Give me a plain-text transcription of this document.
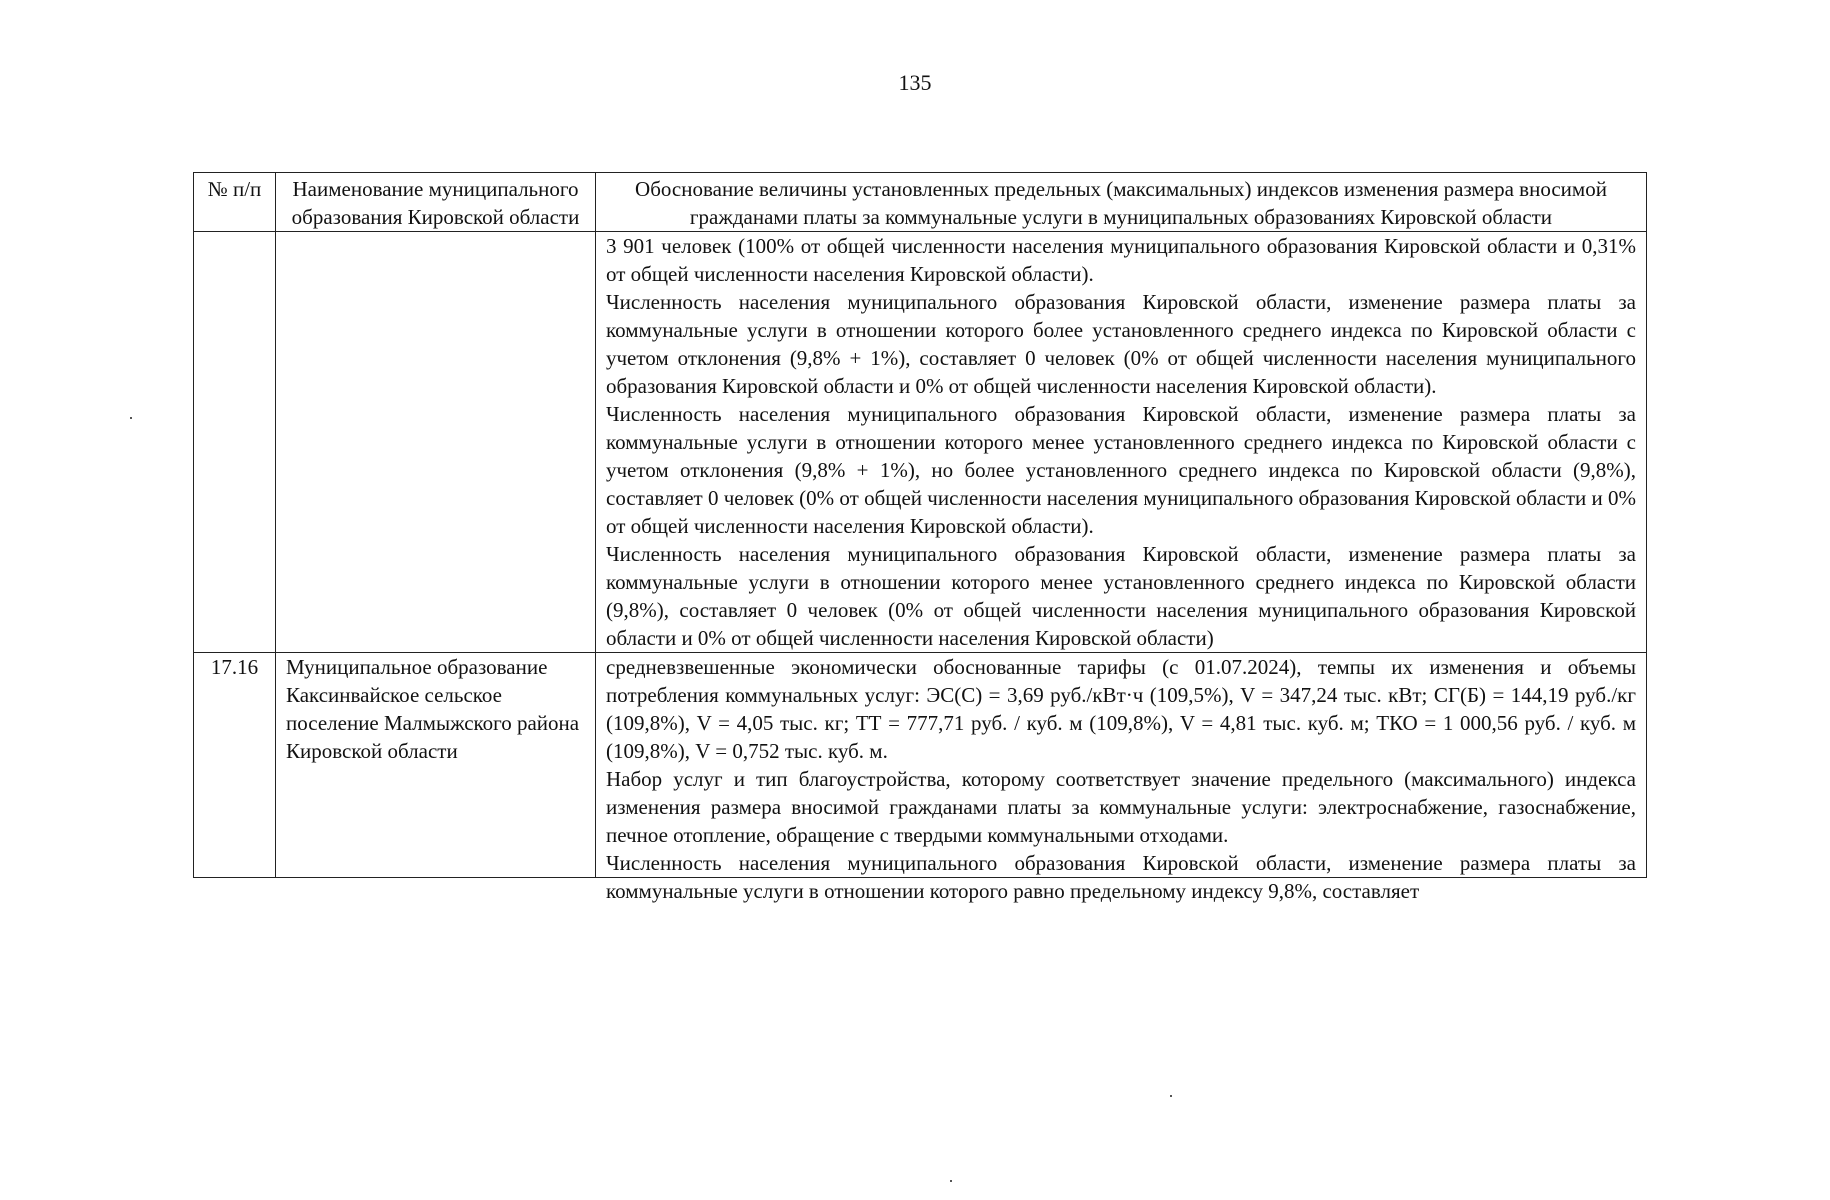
135
№ п/п	Наименование муниципального образования Кировской области	Обоснование величины установленных предельных (максимальных) индексов изменения размера вносимой гражданами платы за коммунальные услуги в муниципальных образованиях Кировской области

		3 901 человек (100% от общей численности населения муниципального образования Кировской области и 0,31% от общей численности населения Кировской области).

Численность населения муниципального образования Кировской области, изменение размера платы за коммунальные услуги в отношении которого более установленного среднего индекса по Кировской области с учетом отклонения (9,8% + 1%), составляет 0 человек (0% от общей численности населения муниципального образования Кировской области и 0% от общей численности населения Кировской области).

Численность населения муниципального образования Кировской области, изменение размера платы за коммунальные услуги в отношении которого менее установленного среднего индекса по Кировской области с учетом отклонения (9,8% + 1%), но более установленного среднего индекса по Кировской области (9,8%), составляет 0 человек (0% от общей численности населения муниципального образования Кировской области и 0% от общей численности населения Кировской области).

Численность населения муниципального образования Кировской области, изменение размера платы за коммунальные услуги в отношении которого менее установленного среднего индекса по Кировской области (9,8%), составляет 0 человек (0% от общей численности населения муниципального образования Кировской области и 0% от общей численности населения Кировской области)

17.16	Муниципальное образование Каксинвайское сельское поселение Малмыжского района Кировской области	средневзвешенные экономически обоснованные тарифы (с 01.07.2024), темпы их изменения и объемы потребления коммунальных услуг: ЭС(С) = 3,69 руб./кВт·ч (109,5%), V = 347,24 тыс. кВт; СГ(Б) = 144,19 руб./кг (109,8%), V = 4,05 тыс. кг; ТТ = 777,71 руб. / куб. м (109,8%), V = 4,81 тыс. куб. м; ТКО = 1 000,56 руб. / куб. м (109,8%), V = 0,752 тыс. куб. м.

Набор услуг и тип благоустройства, которому соответствует значение предельного (максимального) индекса изменения размера вносимой гражданами платы за коммунальные услуги: электроснабжение, газоснабжение, печное отопление, обращение с твердыми коммунальными отходами.

Численность населения муниципального образования Кировской области, изменение размера платы за коммунальные услуги в отношении которого равно предельному индексу 9,8%, составляет
